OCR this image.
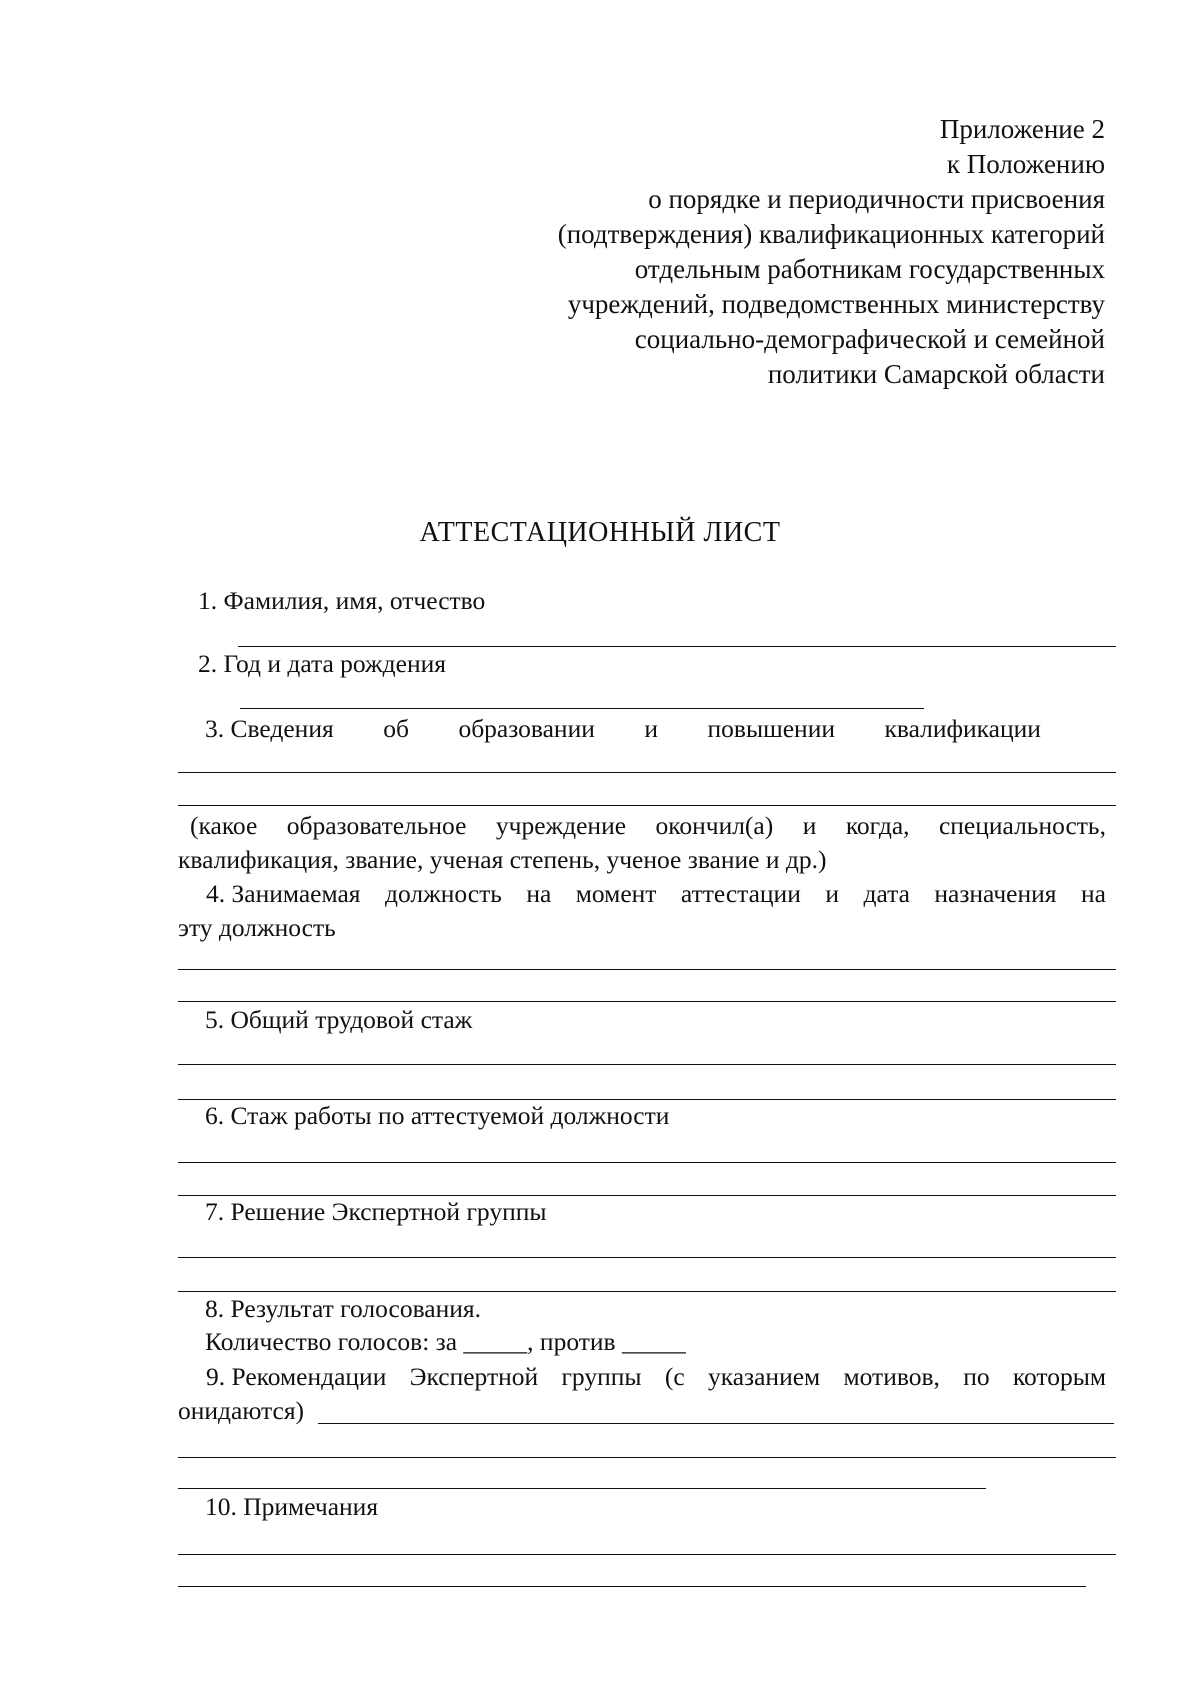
Приложение 2
к Положению
о порядке и периодичности присвоения
(подтверждения) квалификационных категорий
отдельным работникам государственных
учреждений, подведомственных министерству
социально-демографической и семейной
политики Самарской области
АТТЕСТАЦИОННЫЙ ЛИСТ
1. Фамилия, имя, отчество
2. Год и дата рождения
3. Сведения об образовании и повышении квалификации
(какое образовательное учреждение окончил(а) и когда, специальность,
квалификация, звание, ученая степень, ученое звание и др.)
4. Занимаемая должность на момент аттестации и дата назначения на
эту должность
5. Общий трудовой стаж
6. Стаж работы по аттестуемой должности
7. Решение Экспертной группы
8. Результат голосования.
Количество голосов: за _____, против _____
9. Рекомендации Экспертной группы (с указанием мотивов, по которым
онидаются)
10. Примечания
